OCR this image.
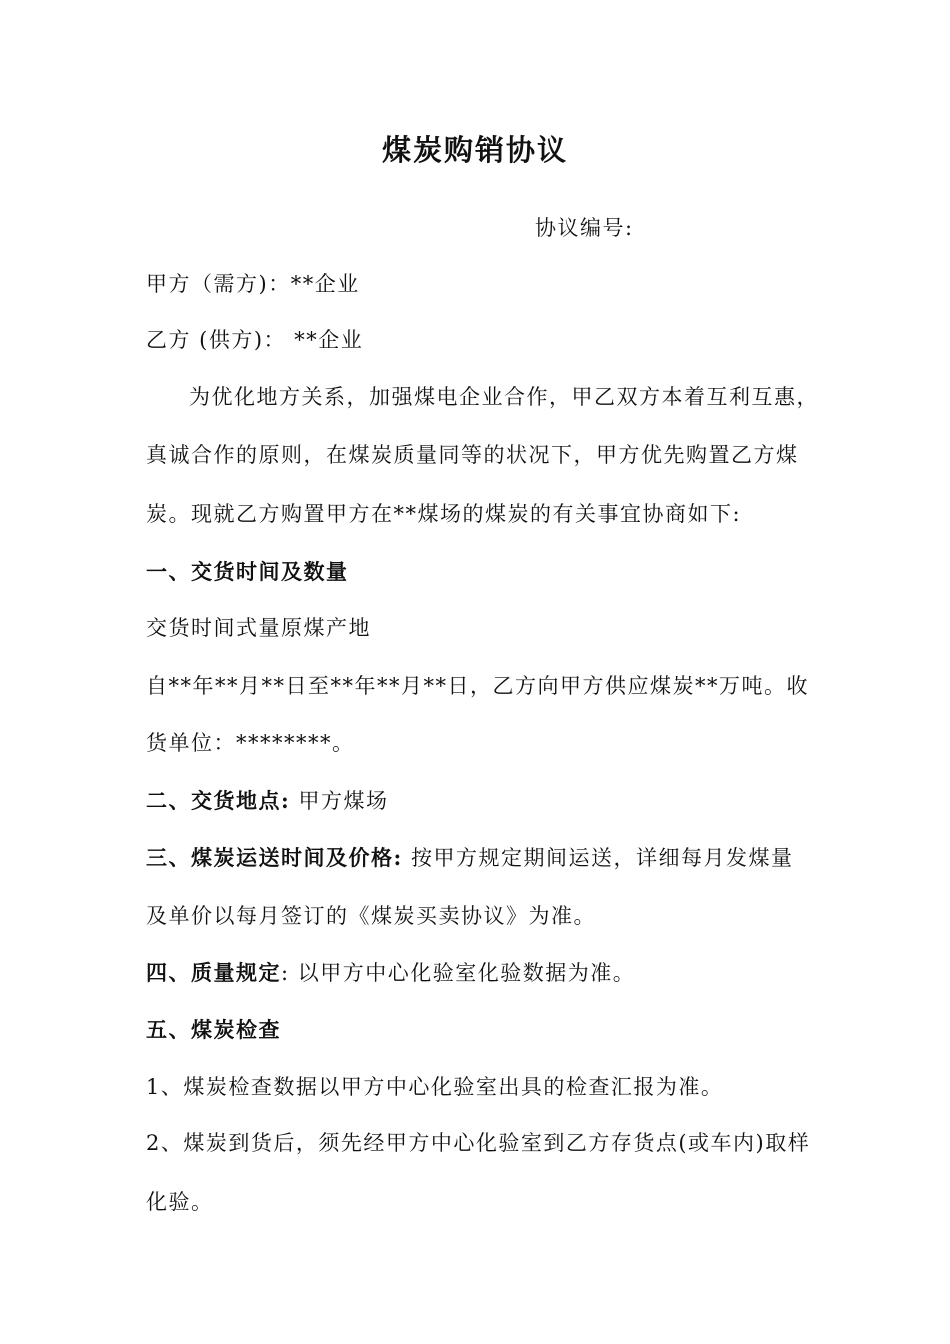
煤炭购销协议
协议编号:
甲方（需方)：**企业
乙方 (供方)： **企业
为优化地方关系，加强煤电企业合作，甲乙双方本着互利互惠，
真诚合作的原则，在煤炭质量同等的状况下，甲方优先购置乙方煤
炭。现就乙方购置甲方在**煤场的煤炭的有关事宜协商如下:
一、交货时间及数量
交货时间式量原煤产地
自**年**月**日至**年**月**日，乙方向甲方供应煤炭**万吨。收
货单位：********。
二、交货地点: 甲方煤场
三、煤炭运送时间及价格: 按甲方规定期间运送，详细每月发煤量
及单价以每月签订的《煤炭买卖协议》为准。
四、质量规定: 以甲方中心化验室化验数据为准。
五、煤炭检查
1、煤炭检查数据以甲方中心化验室出具的检查汇报为准。
2、煤炭到货后，须先经甲方中心化验室到乙方存货点(或车内)取样
化验。
